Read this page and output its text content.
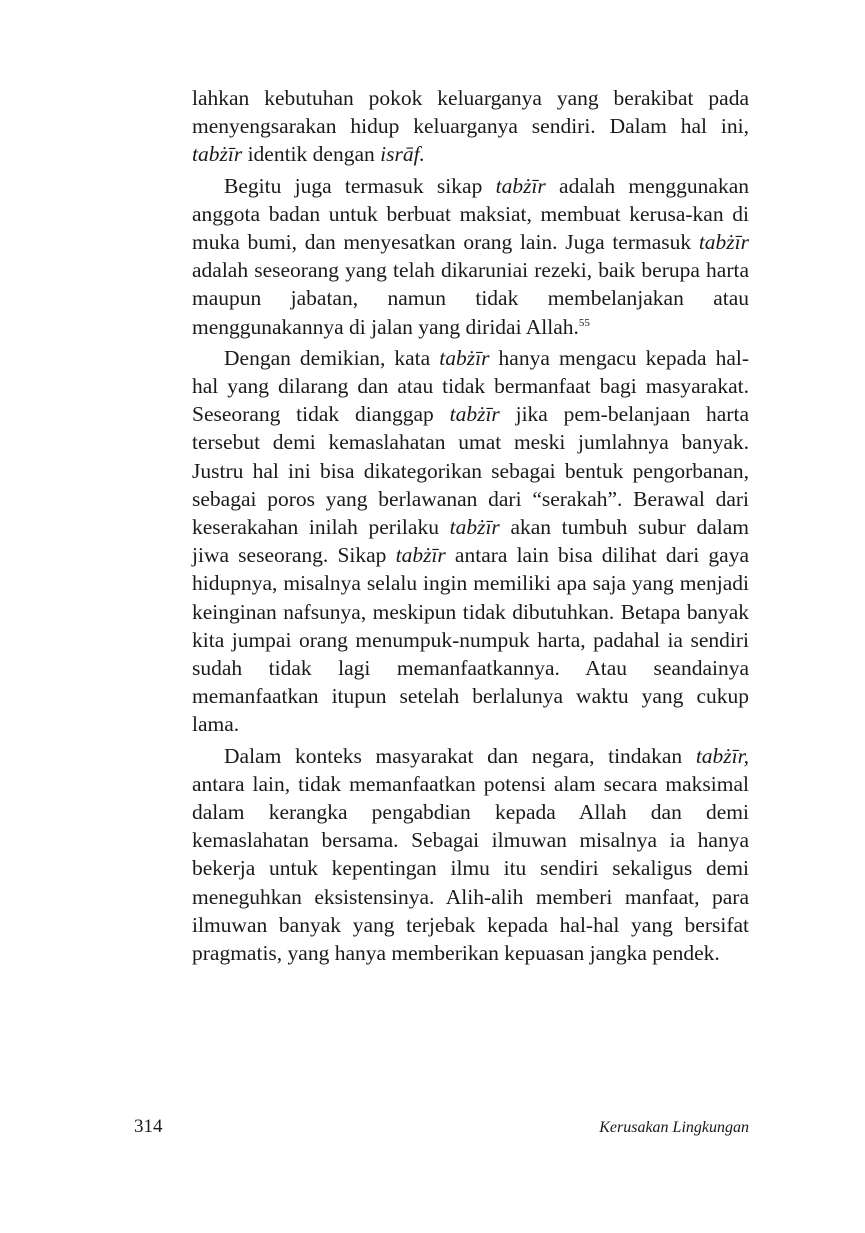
lahkan kebutuhan pokok keluarganya yang berakibat pada menyengsarakan hidup keluarganya sendiri. Dalam hal ini, tabżīr identik dengan isrāf.

Begitu juga termasuk sikap tabżīr adalah menggunakan anggota badan untuk berbuat maksiat, membuat kerusa-kan di muka bumi, dan menyesatkan orang lain. Juga termasuk tabżīr adalah seseorang yang telah dikaruniai rezeki, baik berupa harta maupun jabatan, namun tidak membelanjakan atau menggunakannya di jalan yang diridai Allah.$^{55}$

Dengan demikian, kata tabżīr hanya mengacu kepada hal-hal yang dilarang dan atau tidak bermanfaat bagi masyarakat. Seseorang tidak dianggap tabżīr jika pem-belanjaan harta tersebut demi kemaslahatan umat meski jumlahnya banyak. Justru hal ini bisa dikategorikan sebagai bentuk pengorbanan, sebagai poros yang berlawanan dari “serakah”. Berawal dari keserakahan inilah perilaku tabżīr akan tumbuh subur dalam jiwa seseorang. Sikap tabżīr antara lain bisa dilihat dari gaya hidupnya, misalnya selalu ingin memiliki apa saja yang menjadi keinginan nafsunya, meskipun tidak dibutuhkan. Betapa banyak kita jumpai orang menumpuk-numpuk harta, padahal ia sendiri sudah tidak lagi memanfaatkannya. Atau seandainya memanfaatkan itupun setelah berlalunya waktu yang cukup lama.

Dalam konteks masyarakat dan negara, tindakan tabżīr, antara lain, tidak memanfaatkan potensi alam secara maksimal dalam kerangka pengabdian kepada Allah dan demi kemaslahatan bersama. Sebagai ilmuwan misalnya ia hanya bekerja untuk kepentingan ilmu itu sendiri sekaligus demi meneguhkan eksistensinya. Alih-alih memberi manfaat, para ilmuwan banyak yang terjebak kepada hal-hal yang bersifat pragmatis, yang hanya memberikan kepuasan jangka pendek.

314	Kerusakan Lingkungan
